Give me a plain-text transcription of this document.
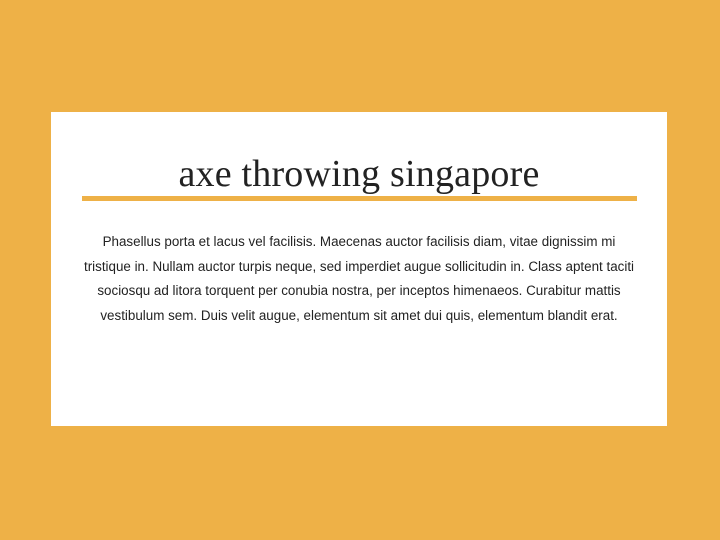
axe throwing singapore

Phasellus porta et lacus vel facilisis. Maecenas auctor facilisis diam, vitae dignissim mi tristique in. Nullam auctor turpis neque, sed imperdiet augue sollicitudin in. Class aptent taciti sociosqu ad litora torquent per conubia nostra, per inceptos himenaeos. Curabitur mattis vestibulum sem. Duis velit augue, elementum sit amet dui quis, elementum blandit erat.
